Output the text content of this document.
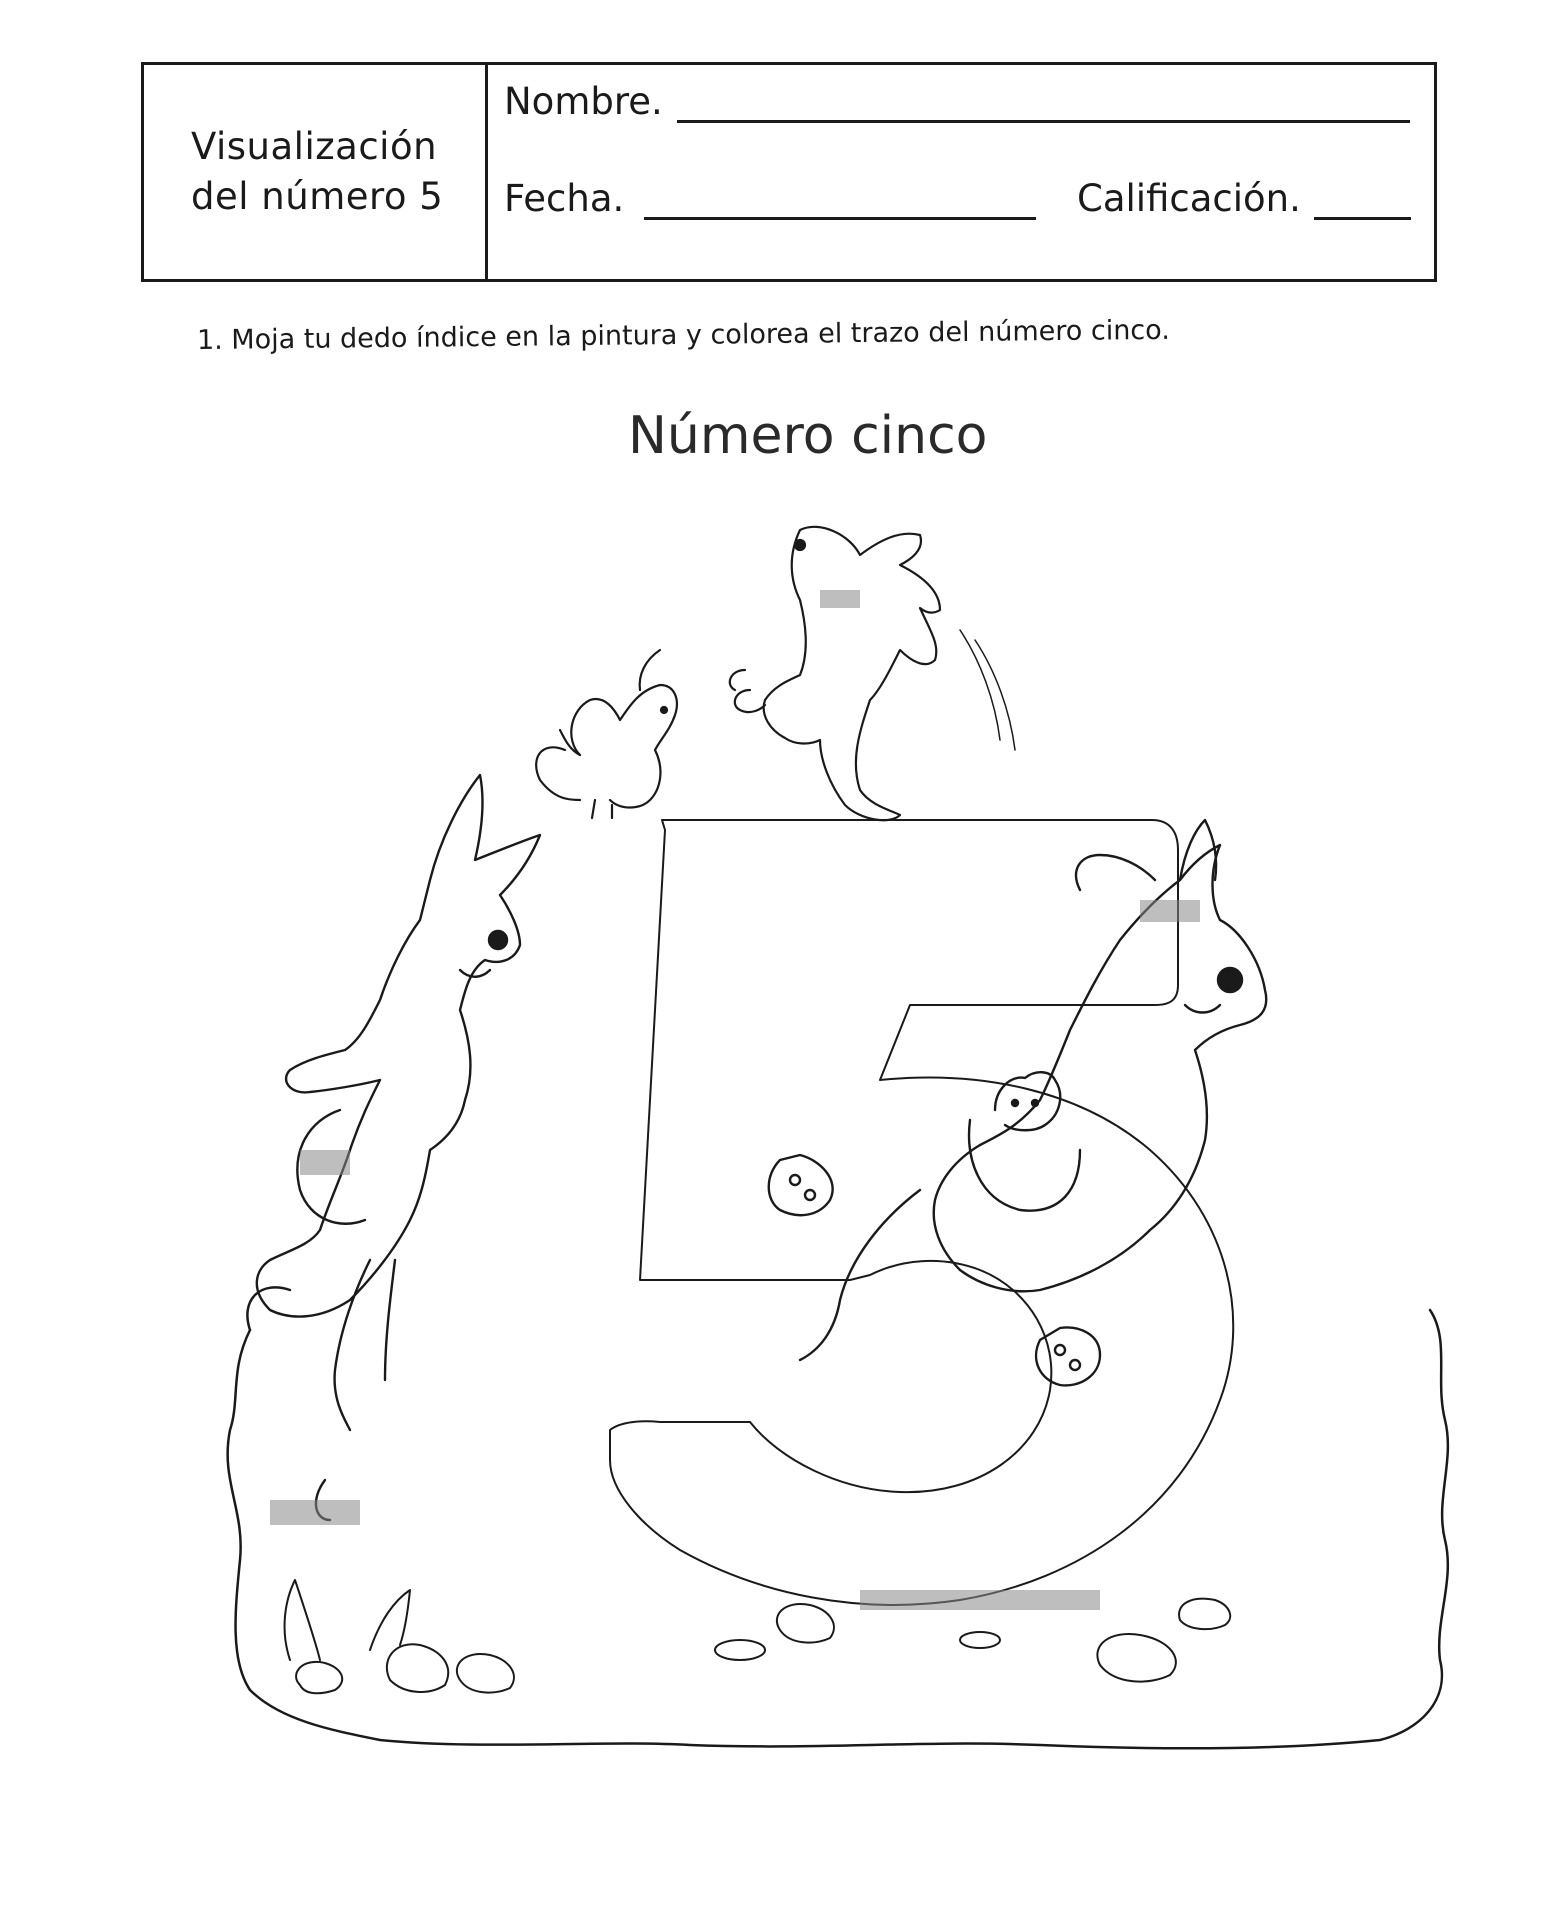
Visualización
del número 5
Nombre.
Fecha.	Calificación.
1. Moja tu dedo índice en la pintura y colorea el trazo del número cinco.
Número cinco
